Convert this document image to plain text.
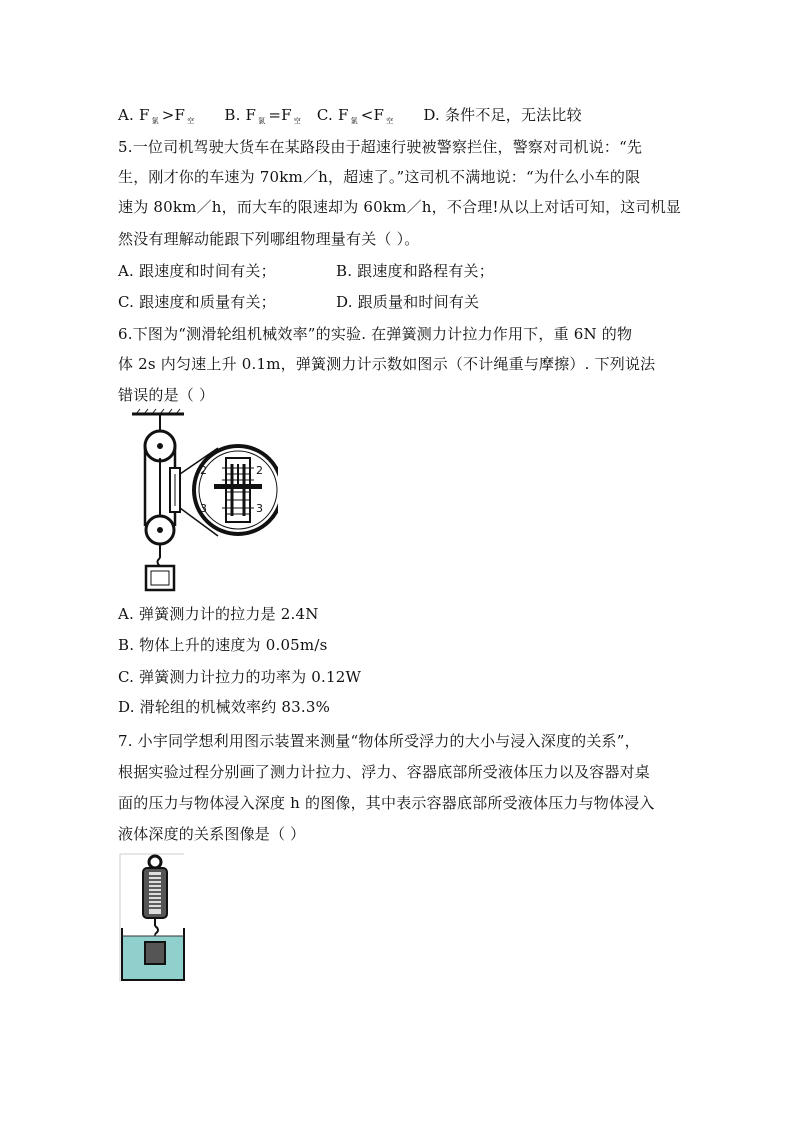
A. F $_氯$ >F $_空$ B. F $_氯$ =F $_空$ C. F $_氯$ <F $_空$ D. 条件不足，无法比较
5.一位司机驾驶大货车在某路段由于超速行驶被警察拦住，警察对司机说：“先
生，刚才你的车速为 70km／h，超速了。”这司机不满地说：“为什么小车的限
速为 80km／h，而大车的限速却为 60km／h，不合理!从以上对话可知，这司机显
然没有理解动能跟下列哪组物理量有关（ ）。
A. 跟速度和时间有关；	B. 跟速度和路程有关；
C. 跟速度和质量有关；	D. 跟质量和时间有关
6.下图为“测滑轮组机械效率”的实验. 在弹簧测力计拉力作用下，重 6N 的物
体 2s 内匀速上升 0.1m，弹簧测力计示数如图示（不计绳重与摩擦）. 下列说法
错误的是（ ）
2	2
3	3
A. 弹簧测力计的拉力是 2.4N
B. 物体上升的速度为 0.05m/s
C. 弹簧测力计拉力的功率为 0.12W
D. 滑轮组的机械效率约 83.3%
7. 小宇同学想利用图示装置来测量“物体所受浮力的大小与浸入深度的关系”，
根据实验过程分别画了测力计拉力、浮力、容器底部所受液体压力以及容器对桌
面的压力与物体浸入深度 h 的图像，其中表示容器底部所受液体压力与物体浸入
液体深度的关系图像是（ ）
